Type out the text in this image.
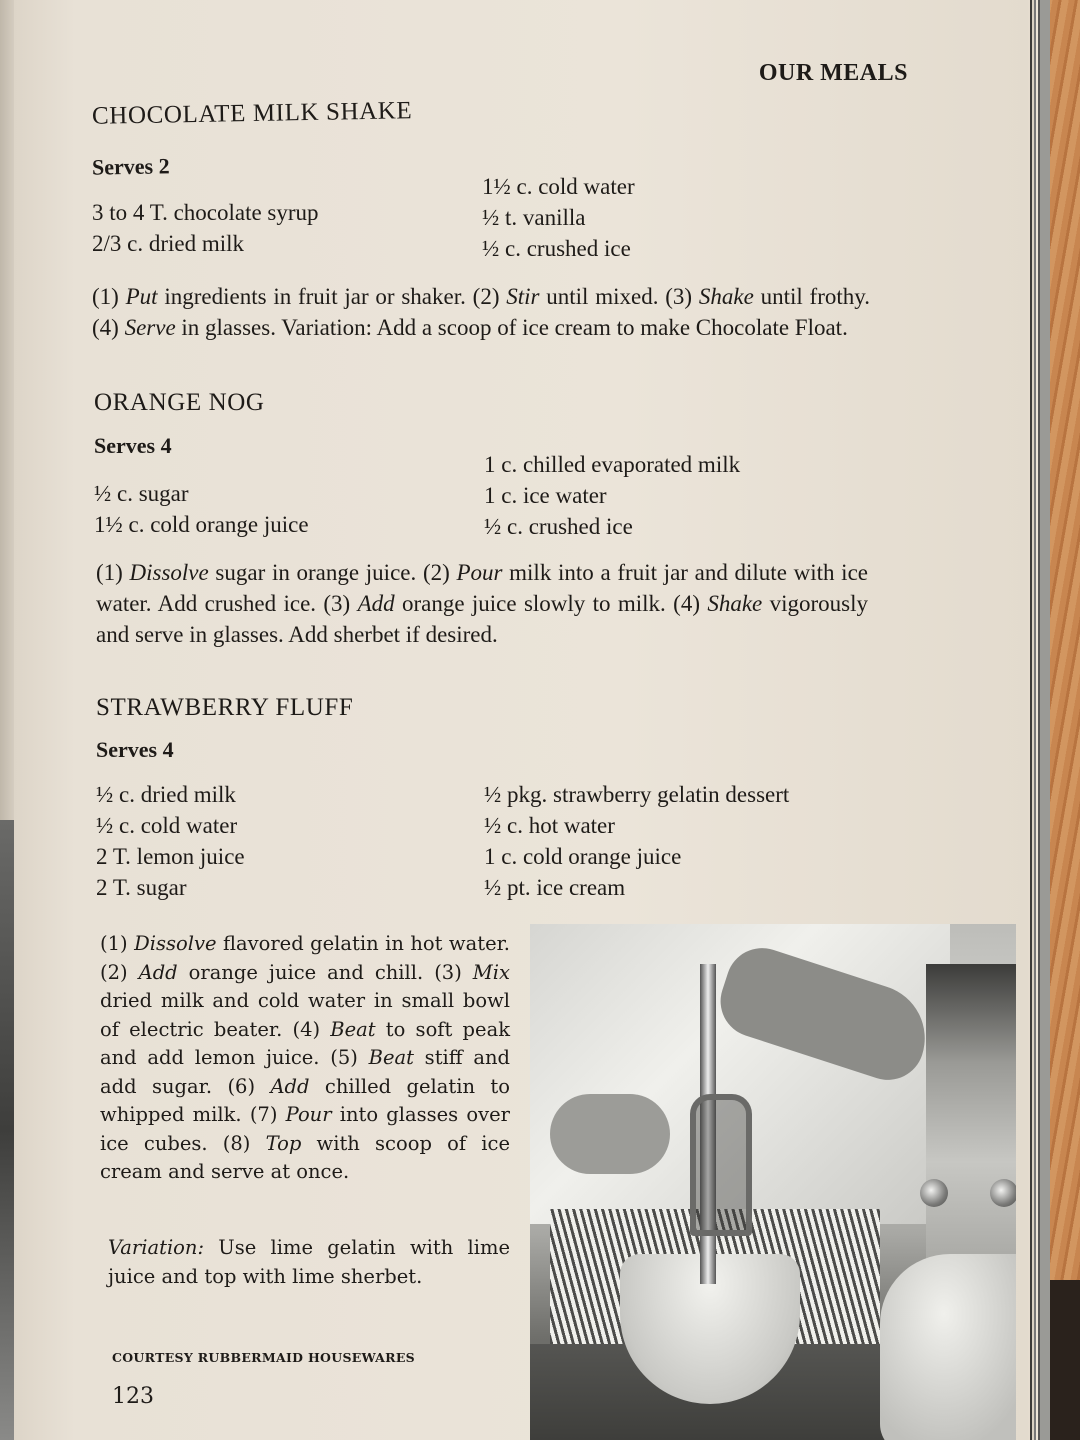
OUR MEALS
CHOCOLATE MILK SHAKE
Serves 2
3 to 4 T. chocolate syrup
2/3 c. dried milk
1½ c. cold water
½ t. vanilla
½ c. crushed ice
(1) Put ingredients in fruit jar or shaker. (2) Stir until mixed. (3) Shake until frothy. (4) Serve in glasses. Variation: Add a scoop of ice cream to make Chocolate Float.
ORANGE NOG
Serves 4
½ c. sugar
1½ c. cold orange juice
1 c. chilled evaporated milk
1 c. ice water
½ c. crushed ice
(1) Dissolve sugar in orange juice. (2) Pour milk into a fruit jar and dilute with ice water. Add crushed ice. (3) Add orange juice slowly to milk. (4) Shake vigorously and serve in glasses. Add sherbet if desired.
STRAWBERRY FLUFF
Serves 4
½ c. dried milk
½ c. cold water
2 T. lemon juice
2 T. sugar
½ pkg. strawberry gelatin dessert
½ c. hot water
1 c. cold orange juice
½ pt. ice cream
(1) Dissolve flavored gelatin in hot water. (2) Add orange juice and chill. (3) Mix dried milk and cold water in small bowl of electric beater. (4) Beat to soft peak and add lemon juice. (5) Beat stiff and add sugar. (6) Add chilled gelatin to whipped milk. (7) Pour into glasses over ice cubes. (8) Top with scoop of ice cream and serve at once.
Variation: Use lime gelatin with lime juice and top with lime sherbet.
COURTESY RUBBERMAID HOUSEWARES
123
